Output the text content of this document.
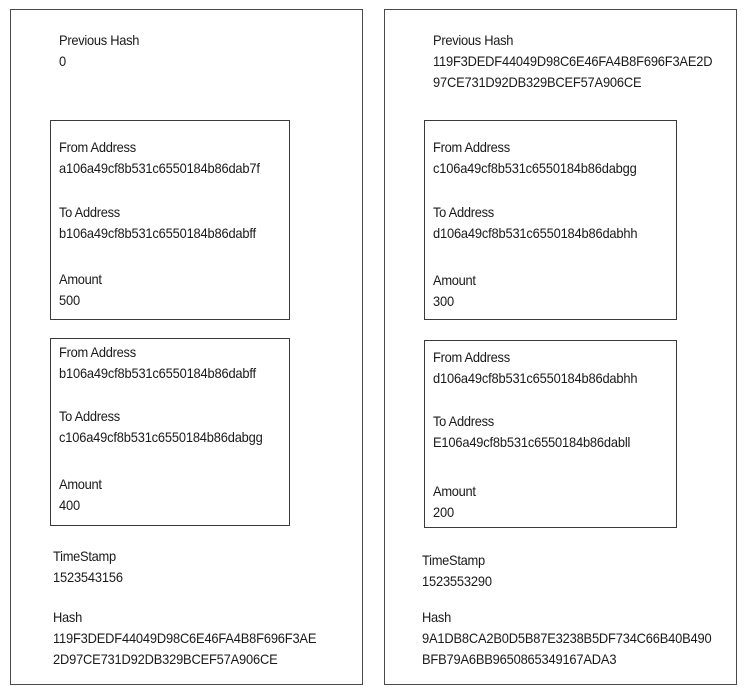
Previous Hash
0
From Address
a106a49cf8b531c6550184b86dab7f
To Address
b106a49cf8b531c6550184b86dabff
Amount
500
From Address
b106a49cf8b531c6550184b86dabff
To Address
c106a49cf8b531c6550184b86dabgg
Amount
400
TimeStamp
1523543156
Hash
119F3DEDF44049D98C6E46FA4B8F696F3AE
2D97CE731D92DB329BCEF57A906CE
Previous Hash
119F3DEDF44049D98C6E46FA4B8F696F3AE2D
97CE731D92DB329BCEF57A906CE
From Address
c106a49cf8b531c6550184b86dabgg
To Address
d106a49cf8b531c6550184b86dabhh
Amount
300
From Address
d106a49cf8b531c6550184b86dabhh
To Address
E106a49cf8b531c6550184b86dabll
Amount
200
TimeStamp
1523553290
Hash
9A1DB8CA2B0D5B87E3238B5DF734C66B40B490
BFB79A6BB9650865349167ADA3
